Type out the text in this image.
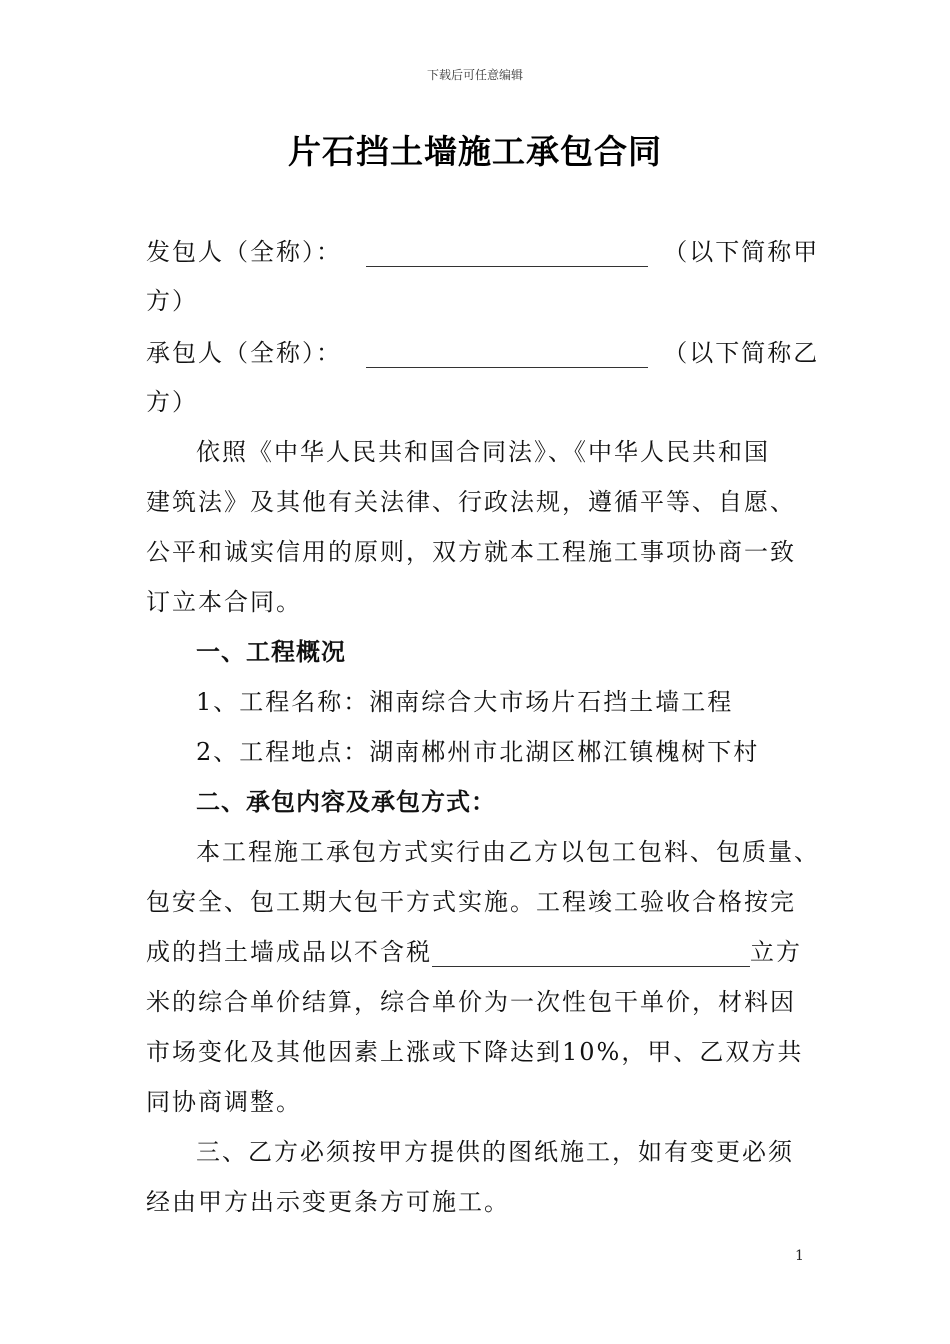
下载后可任意编辑
片石挡土墙施工承包合同
发包人（全称）：	（以下简称甲
方）
承包人（全称）：	（以下简称乙
方）
依照《中华人民共和国合同法》、《中华人民共和国
建筑法》及其他有关法律、行政法规，遵循平等、自愿、
公平和诚实信用的原则，双方就本工程施工事项协商一致
订立本合同。
一、工程概况
1、工程名称：湘南综合大市场片石挡土墙工程
2、工程地点：湖南郴州市北湖区郴江镇槐树下村
二、承包内容及承包方式：
本工程施工承包方式实行由乙方以包工包料、包质量、
包安全、包工期大包干方式实施。工程竣工验收合格按完
成的挡土墙成品以不含税	立方
米的综合单价结算，综合单价为一次性包干单价，材料因
市场变化及其他因素上涨或下降达到10%，甲、乙双方共
同协商调整。
三、乙方必须按甲方提供的图纸施工，如有变更必须
经由甲方出示变更条方可施工。
1
